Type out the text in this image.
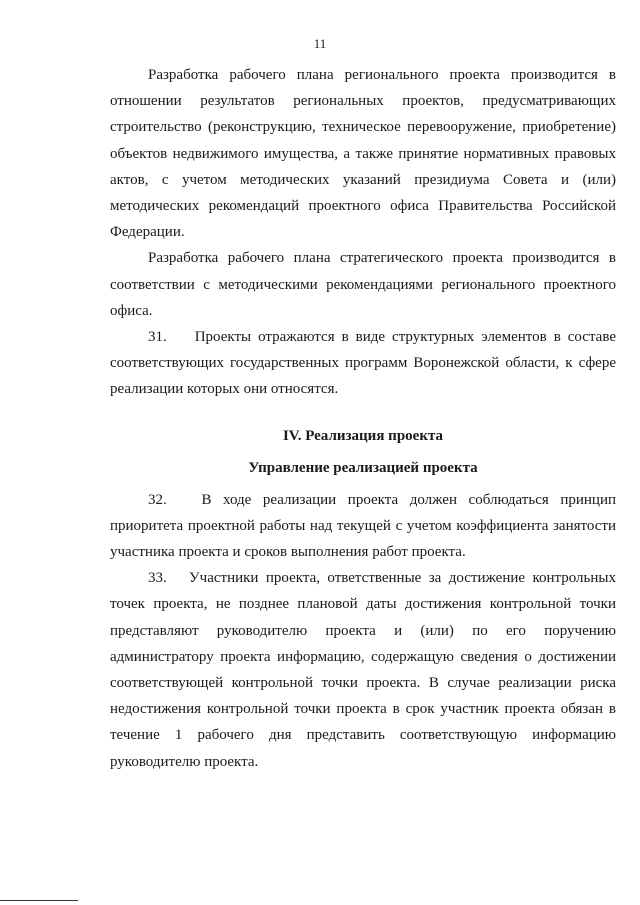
11

Разработка рабочего плана регионального проекта производится в отношении результатов региональных проектов, предусматривающих строительство (реконструкцию, техническое перевооружение, приобретение) объектов недвижимого имущества, а также принятие нормативных правовых актов, с учетом методических указаний президиума Совета и (или) методических рекомендаций проектного офиса Правительства Российской Федерации.

Разработка рабочего плана стратегического проекта производится в соответствии с методическими рекомендациями регионального проектного офиса.

31.    Проекты отражаются в виде структурных элементов в составе соответствующих государственных программ Воронежской области, к сфере реализации которых они относятся.

IV. Реализация проекта
Управление реализацией проекта

32.   В ходе реализации проекта должен соблюдаться принцип приоритета проектной работы над текущей с учетом коэффициента занятости участника проекта и сроков выполнения работ проекта.

33.   Участники проекта, ответственные за достижение контрольных точек проекта, не позднее плановой даты достижения контрольной точки представляют руководителю проекта и (или) по его поручению администратору проекта информацию, содержащую сведения о достижении соответствующей контрольной точки проекта. В случае реализации риска недостижения контрольной точки проекта в срок участник проекта обязан в течение 1 рабочего дня представить соответствующую информацию руководителю проекта.
